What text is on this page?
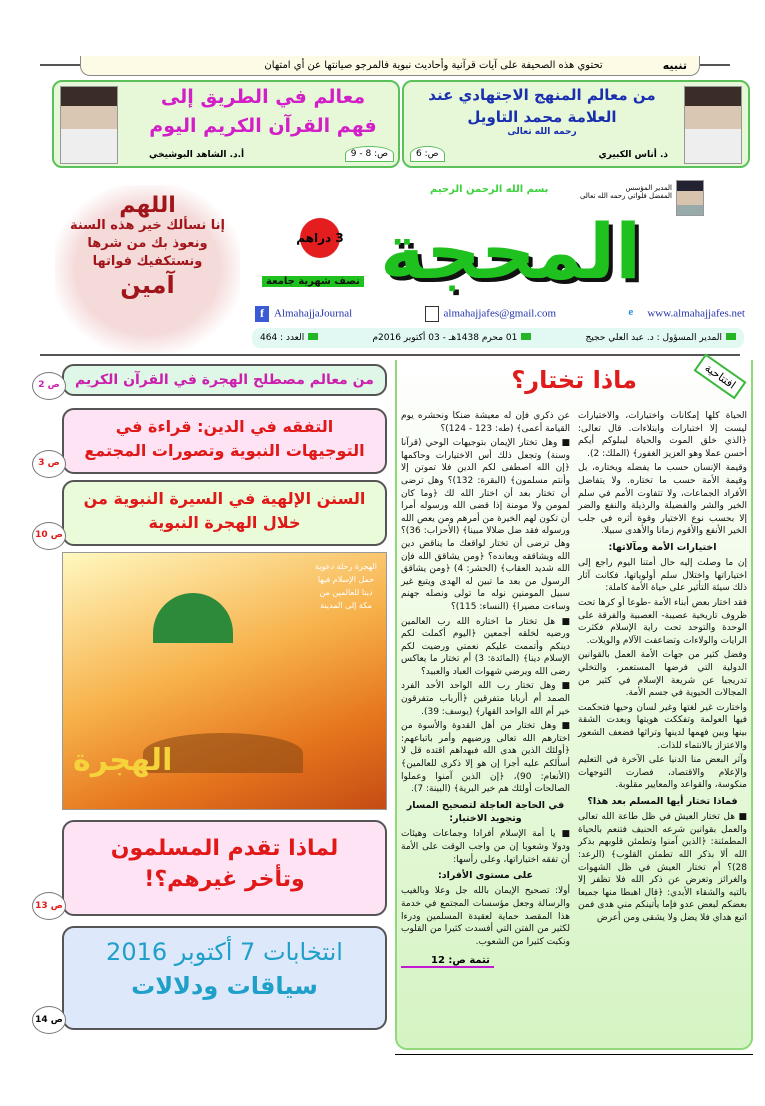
تنبيه
تحتوي هذه الصحيفة على آيات قرآنية وأحاديث نبوية فالمرجو صيانتها عن أي امتهان
من معالم المنهج الاجتهادي عند
العلامة محمد التاويل
رحمه الله تعالى
ذ. أناس الكبيري
ص: 6
معالم في الطريق إلى
فهم القرآن الكريم اليوم
أ.د. الشاهد البوشيخي	ص: 8 - 9
اللهم
إنا نسألك خير هذه السنة
ونعوذ بك من شرها
ونستكفيك فواتها
آمين
بسم الله الرحمن الرحيم	المدير المؤسس
المفضل فلواتي رحمه الله تعالى
المحجة
3 دراهم
نصف شهرية جامعة
f AlmahajjaJournal	almahajjafes@gmail.com	e www.almahajjafes.net
المدير المسؤول : د. عبد العلي حجيج
01 محرم 1438هـ - 03 أكتوبر 2016م
العدد : 464
افتتاحية
ماذا تختار؟

الحياة كلها إمكانات واختيارات، والاختيارات ليست إلا اختبارات وابتلاءات. قال تعالى: ﴿الذي خلق الموت والحياة ليبلوكم أيكم أحسن عملا وهو العزيز الغفور﴾ (الملك: 2).

وقيمة الإنسان حسب ما يفضله ويختاره، بل وقيمة الأمة حسب ما تختاره. ولا يتفاضل الأفراد الجماعات، ولا تتفاوت الأمم في سلم الخير والشر والفضيلة والرذيلة والنفع والضر إلا بحسب نوع الاختيار وقوة أثره في جلب الخير الأنفع والأقوم زمانا والأهدى سبيلا.

اختيارات الأمة ومآلاتها:

إن ما وصلت إليه حال أمتنا اليوم راجع إلى اختياراتها واختلال سلم أولوياتها، فكانت آثار ذلك سيئة التأثير على حياة الأمة كاملة:

فقد اختار بعض أبناء الأمة -طوعا أو كرها تحت ظروف تاريخية عصيبة- العصبية والفرقة على الوحدة والتوحد تحت راية الإسلام فكثرت الرايات والولاءات وتضاعفت الآلام والويلات.

وفضل كثير من جهات الأمة العمل بالقوانين الدولية التي فرضها المستعمر، والتخلي تدريجيا عن شريعة الإسلام في كثير من المجالات الحيوية في جسم الأمة.

واختارت غير لغتها وغير لسان وحيها فتحكمت فيها العولمة وتفككت هويتها وبعدت الشقة بينها وبين فهمها لدينها وتراثها فضعف الشعور والاعتزاز بالانتماء للذات.

وآثر البعض منا الدنيا على الآخرة في التعليم والإعلام والاقتصاد، فصارت التوجهات منكوسة، والقواعد والمعايير مقلوبة.

فماذا تختار أيها المسلم بعد هذا؟

■ هل تختار العيش في ظل طاعة الله تعالى والعمل بقوانين شرعه الحنيف فتنعم بالحياة المطمئنة: ﴿الذين آمنوا وتطمئن قلوبهم بذكر الله ألا بذكر الله تطمئن القلوب﴾ (الرعد: 28)؟ أم تختار العيش في ظل الشهوات والغرائز وتعرض عن ذكر الله فلا تظفر إلا بالتيه والشقاء الأبدي: ﴿قال اهبطا منها جميعا بعضكم لبعض عدو فإما يأتينكم مني هدى فمن اتبع هداي فلا يضل ولا يشقى ومن أعرض

عن ذكري فإن له معيشة ضنكا ونحشره يوم القيامة أعمى﴾ (طه: 123 - 124)؟

■ وهل تختار الإيمان بتوجيهات الوحي (قرآنا وسنة) وتجعل ذلك أس الاختيارات وحاكمها ﴿إن الله اصطفى لكم الدين فلا تموتن إلا وأنتم مسلمون﴾ (البقرة: 132)؟ وهل ترضى أن تختار بعد أن اختار الله لك ﴿وما كان لمومن ولا مومنة إذا قضى الله ورسوله أمرا أن تكون لهم الخيرة من أمرهم ومن يعص الله ورسوله فقد ضل ضلالا مبينا﴾ (الأحزاب: 36)؟ وهل ترضى أن تختار لواقعك ما يناقض دين الله ويشاققه ويعانده؟ ﴿ومن يشاقق الله فإن الله شديد العقاب﴾ (الحشر: 4) ﴿ومن يشاقق الرسول من بعد ما تبين له الهدى ويتبع غير سبيل المومنين نوله ما تولى ونصله جهنم وساءت مصيرا﴾ (النساء: 115)؟

■ هل تختار ما اختاره الله رب العالمين ورضيه لخلقه أجمعين ﴿اليوم أكملت لكم دينكم وأتممت عليكم نعمتي ورضيت لكم الإسلام دينا﴾ (المائدة: 3) أم تختار ما يعاكس رضى الله ويرضي شهوات العباد والعبيد؟

■ وهل تختار رب الله الواحد الأحد الفرد الصمد أم أربابا متفرقين ﴿أأرباب متفرقون خير أم الله الواحد القهار﴾ (يوسف: 39).

■ وهل تختار من أهل القدوة والأسوة من اختارهم الله تعالى ورضيهم وأمر باتباعهم: ﴿أولئك الذين هدى الله فبهداهم اقتده قل لا أسألكم عليه أجرا إن هو إلا ذكرى للعالمين﴾ (الأنعام: 90)، ﴿إن الذين آمنوا وعملوا الصالحات أولئك هم خير البرية﴾ (البينة: 7).

في الحاجة العاجلة لتصحيح المسار وتجويد الاختيار:

■ يا أمة الإسلام أفرادا وجماعات وهيئات ودولا وشعوبا إن من واجب الوقت على الأمة أن تفقه اختياراتها، وعلى رأسها:

على مستوى الأفراد:

أولا: تصحيح الإيمان بالله جل وعلا وبالغيب والرسالة وجعل مؤسسات المجتمع في خدمة هذا المقصد حماية لعقيدة المسلمين ودرءا لكثير من الفتن التي أفسدت كثيرا من القلوب ونكبت كثيرا من الشعوب.

تتمة ص: 12
من معالم مصطلح الهجرة في القرآن الكريم
ص 2
التفقه في الدين: قراءة في التوجيهات النبوية وتصورات المجتمع
ص 3
السنن الإلهية في السيرة النبوية من خلال الهجرة النبوية
ص 10
الهجرة
الهجرة رحلة دعوية حمل الإسلام فيها دينا للعالمين من مكة إلى المدينة
لماذا تقدم المسلمون وتأخر غيرهم؟!
ص 13
انتخابات 7 أكتوبر 2016
سياقات ودلالات
ص 14
